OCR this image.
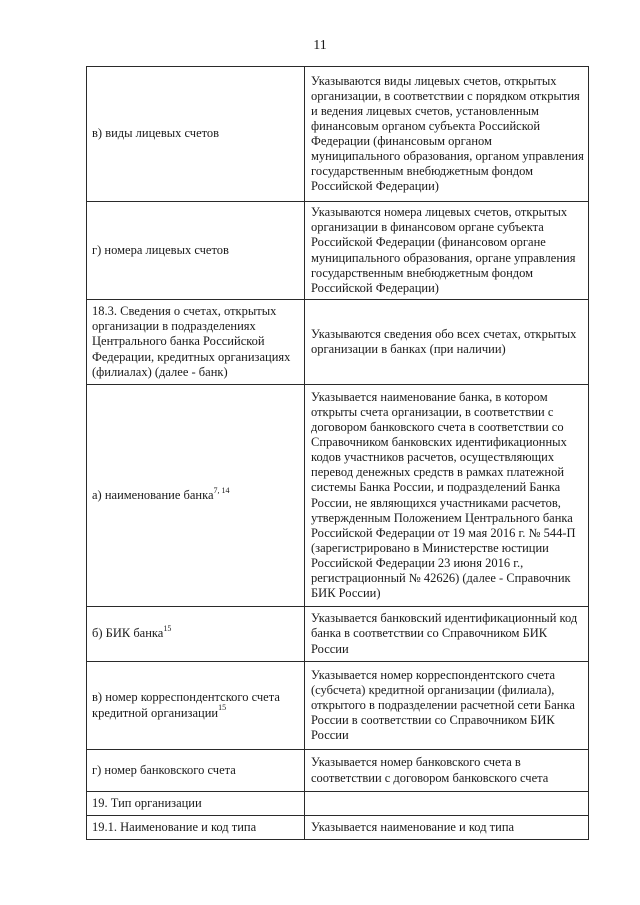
11
в) виды лицевых счетов	Указываются виды лицевых счетов, открытых организации, в соответствии с порядком открытия и ведения лицевых счетов, установленным финансовым органом субъекта Российской Федерации (финансовым органом муниципального образования, органом управления государственным внебюджетным фондом Российской Федерации)
г) номера лицевых счетов	Указываются номера лицевых счетов, открытых организации в финансовом органе субъекта Российской Федерации (финансовом органе муниципального образования, органе управления государственным внебюджетным фондом Российской Федерации)
18.3. Сведения о счетах, открытых организации в подразделениях Центрального банка Российской Федерации, кредитных организациях (филиалах) (далее - банк)	Указываются сведения обо всех счетах, открытых организации в банках (при наличии)
а) наименование банка$^{7, 14}$	Указывается наименование банка, в котором открыты счета организации, в соответствии с договором банковского счета в соответствии со Справочником банковских идентификационных кодов участников расчетов, осуществляющих перевод денежных средств в рамках платежной системы Банка России, и подразделений Банка России, не являющихся участниками расчетов, утвержденным Положением Центрального банка Российской Федерации от 19 мая 2016 г. № 544-П (зарегистрировано в Министерстве юстиции Российской Федерации 23 июня 2016 г., регистрационный № 42626) (далее - Справочник БИК России)
б) БИК банка$^{15}$	Указывается банковский идентификационный код банка в соответствии со Справочником БИК России
в) номер корреспондентского счета кредитной организации$^{15}$	Указывается номер корреспондентского счета (субсчета) кредитной организации (филиала), открытого в подразделении расчетной сети Банка России в соответствии со Справочником БИК России
г) номер банковского счета	Указывается номер банковского счета в соответствии с договором банковского счета
19. Тип организации	
19.1. Наименование и код типа	Указывается наименование и код типа
